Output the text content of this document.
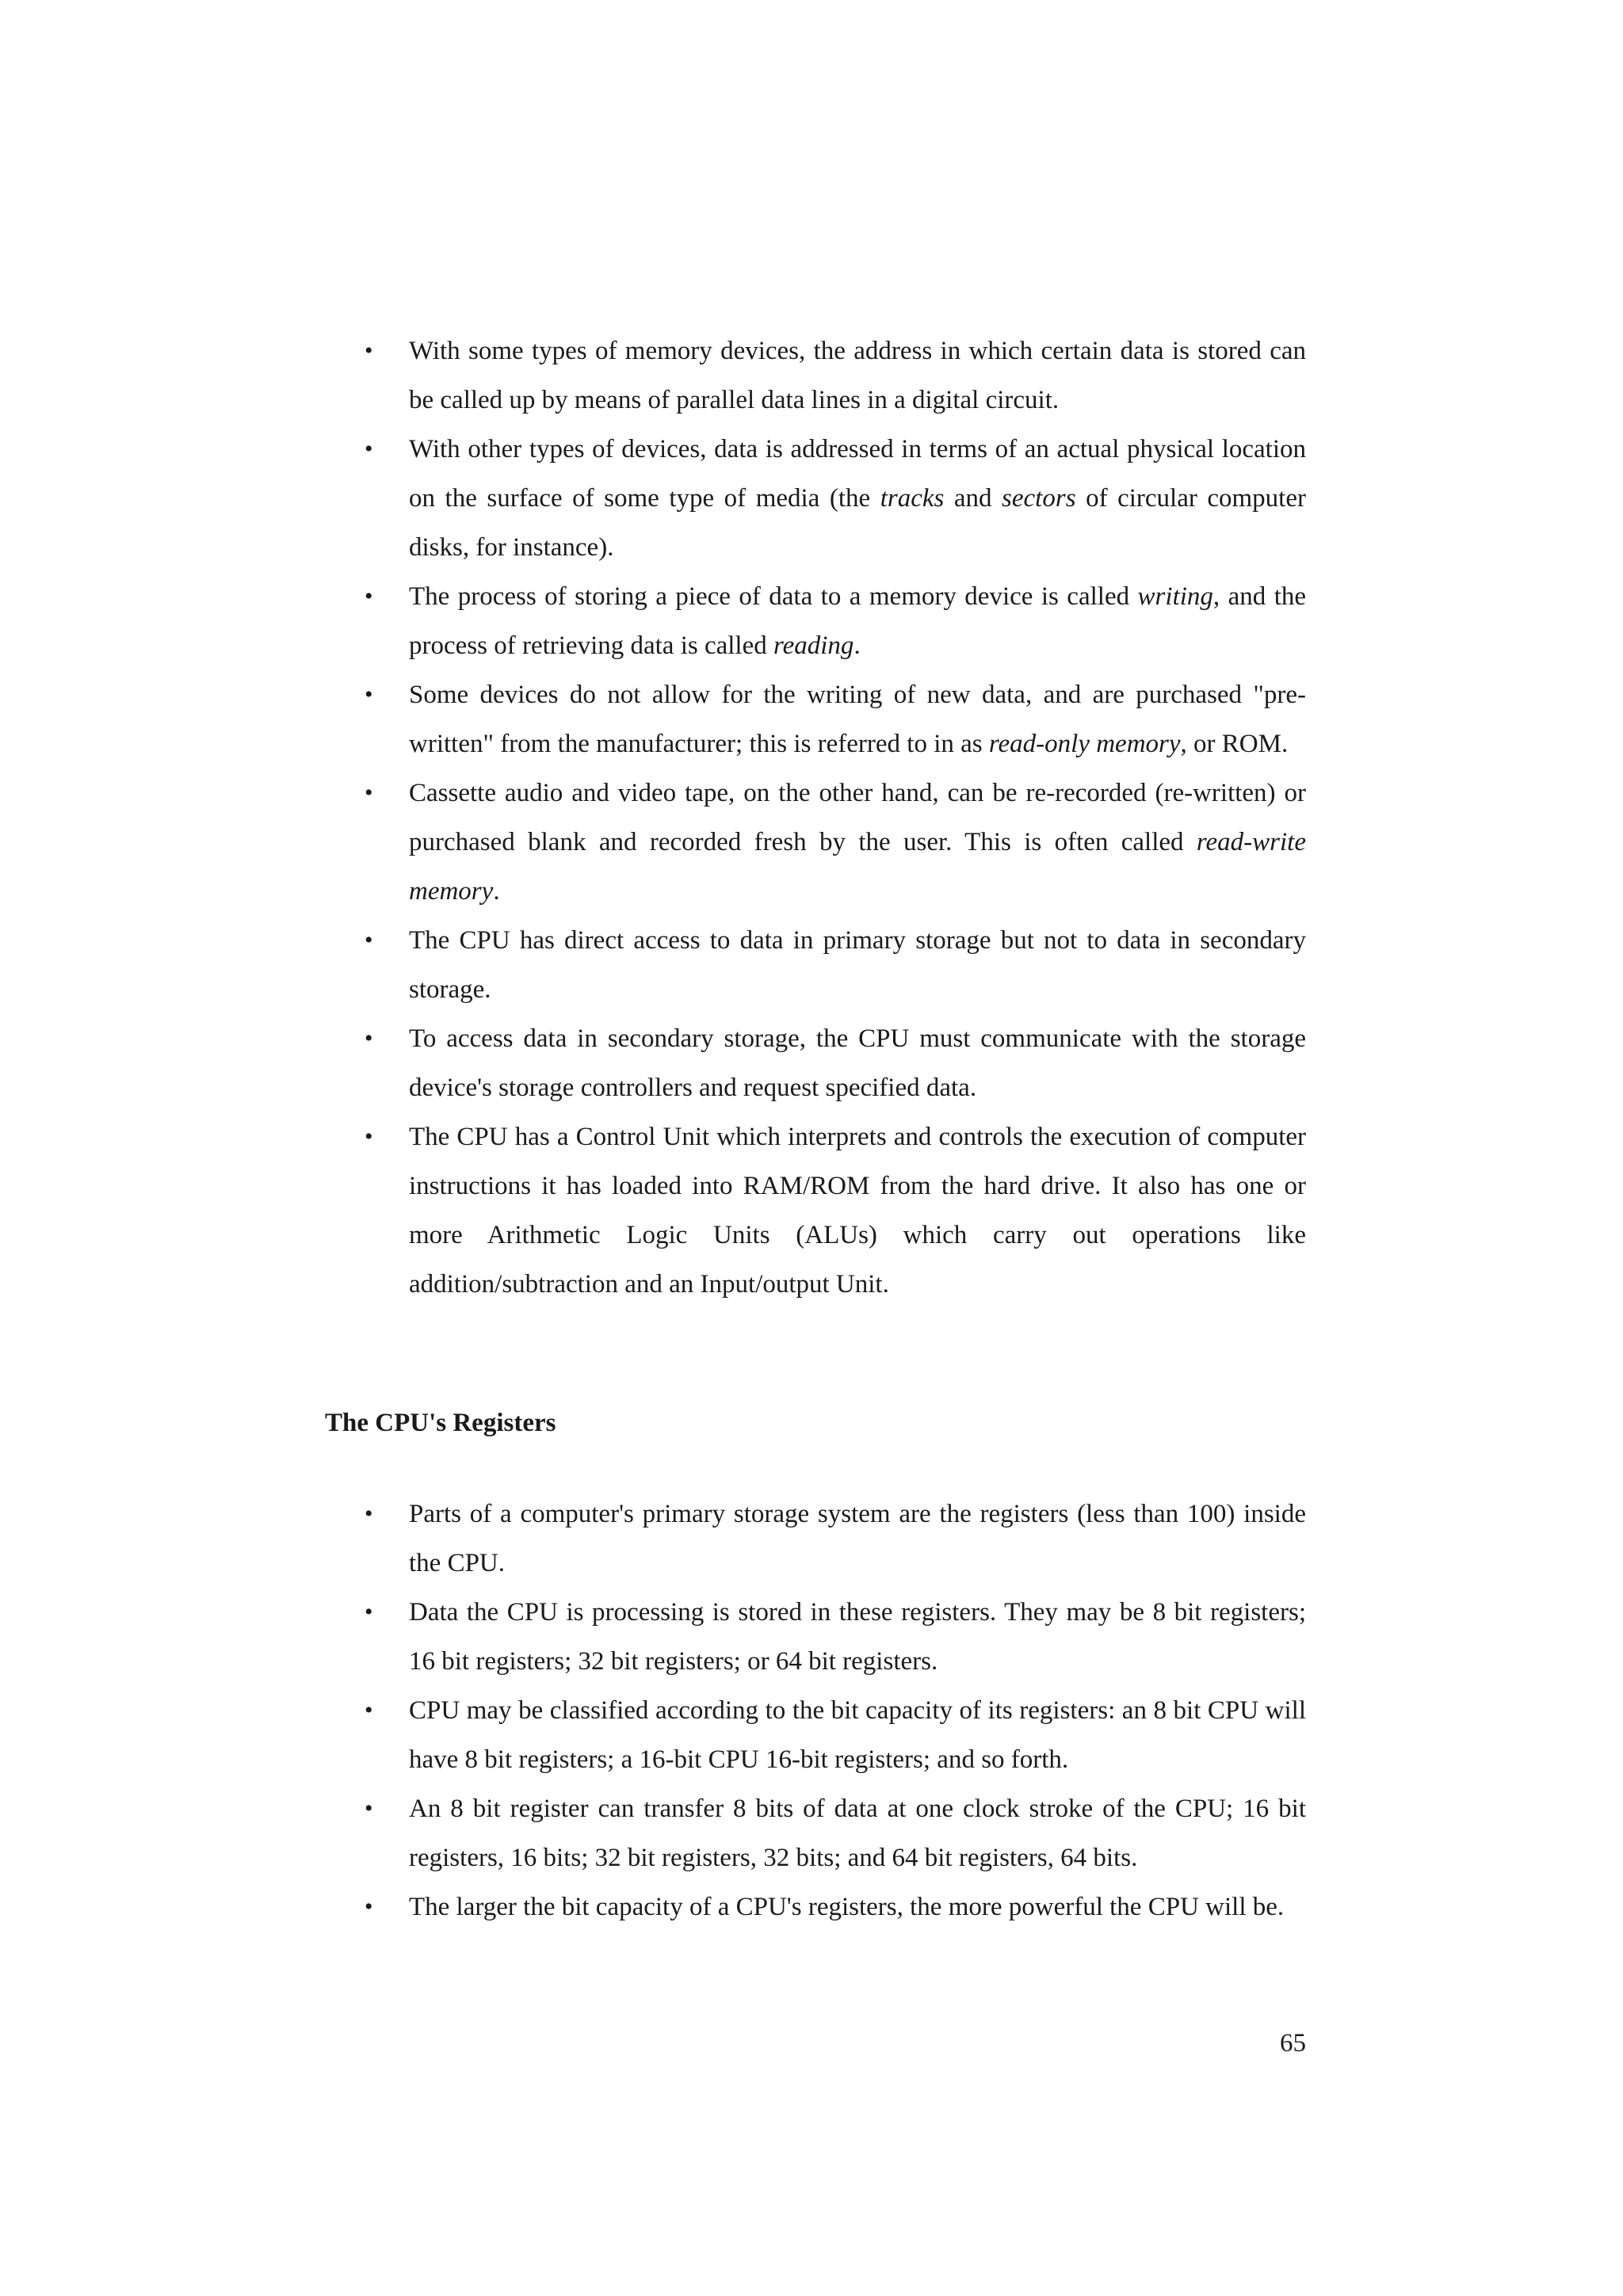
• With some types of memory devices, the address in which certain data is stored can be called up by means of parallel data lines in a digital circuit.
• With other types of devices, data is addressed in terms of an actual physical location on the surface of some type of media (the tracks and sectors of circular computer disks, for instance).
• The process of storing a piece of data to a memory device is called writing, and the process of retrieving data is called reading.
• Some devices do not allow for the writing of new data, and are purchased "pre-written" from the manufacturer; this is referred to in as read-only memory, or ROM.
• Cassette audio and video tape, on the other hand, can be re-recorded (re-written) or purchased blank and recorded fresh by the user. This is often called read-write memory.
• The CPU has direct access to data in primary storage but not to data in secondary storage.
• To access data in secondary storage, the CPU must communicate with the storage device's storage controllers and request specified data.
• The CPU has a Control Unit which interprets and controls the execution of computer instructions it has loaded into RAM/ROM from the hard drive. It also has one or more Arithmetic Logic Units (ALUs) which carry out operations like addition/subtraction and an Input/output Unit.
The CPU's Registers
• Parts of a computer's primary storage system are the registers (less than 100) inside the CPU.
• Data the CPU is processing is stored in these registers. They may be 8 bit registers; 16 bit registers; 32 bit registers; or 64 bit registers.
• CPU may be classified according to the bit capacity of its registers: an 8 bit CPU will have 8 bit registers; a 16-bit CPU 16-bit registers; and so forth.
• An 8 bit register can transfer 8 bits of data at one clock stroke of the CPU; 16 bit registers, 16 bits; 32 bit registers, 32 bits; and 64 bit registers, 64 bits.
• The larger the bit capacity of a CPU's registers, the more powerful the CPU will be.
65
